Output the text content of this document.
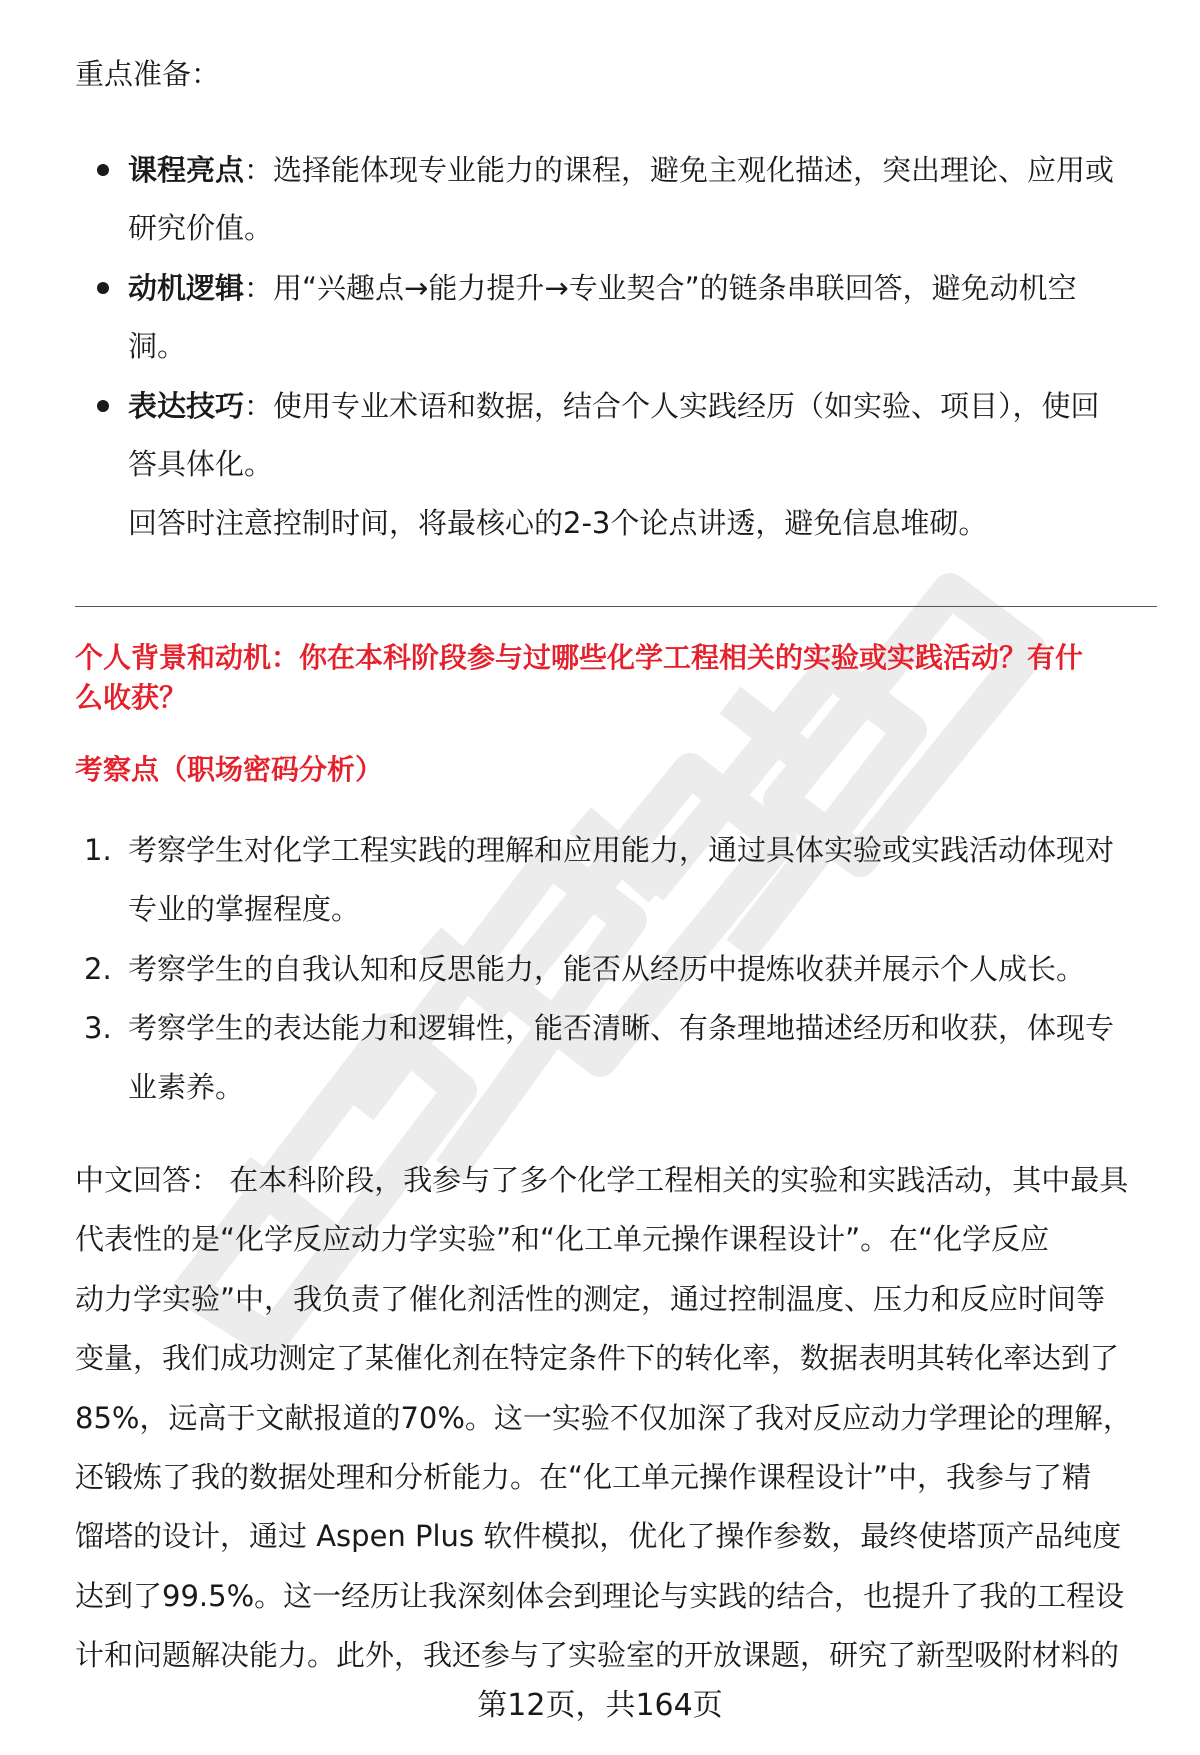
重点准备：
课程亮点：选择能体现专业能力的课程，避免主观化描述，突出理论、应用或
研究价值。
动机逻辑：用“兴趣点→能力提升→专业契合”的链条串联回答，避免动机空
洞。
表达技巧：使用专业术语和数据，结合个人实践经历（如实验、项目），使回
答具体化。
回答时注意控制时间，将最核心的2-3个论点讲透，避免信息堆砌。
个人背景和动机：你在本科阶段参与过哪些化学工程相关的实验或实践活动？有什
么收获？
考察点（职场密码分析）
1. 考察学生对化学工程实践的理解和应用能力，通过具体实验或实践活动体现对
专业的掌握程度。
2. 考察学生的自我认知和反思能力，能否从经历中提炼收获并展示个人成长。
3. 考察学生的表达能力和逻辑性，能否清晰、有条理地描述经历和收获，体现专
业素养。
中文回答： 在本科阶段，我参与了多个化学工程相关的实验和实践活动，其中最具
代表性的是“化学反应动力学实验”和“化工单元操作课程设计”。在“化学反应
动力学实验”中，我负责了催化剂活性的测定，通过控制温度、压力和反应时间等
变量，我们成功测定了某催化剂在特定条件下的转化率，数据表明其转化率达到了
85%，远高于文献报道的70%。这一实验不仅加深了我对反应动力学理论的理解，
还锻炼了我的数据处理和分析能力。在“化工单元操作课程设计”中，我参与了精
馏塔的设计，通过 Aspen Plus 软件模拟，优化了操作参数，最终使塔顶产品纯度
达到了99.5%。这一经历让我深刻体会到理论与实践的结合，也提升了我的工程设
计和问题解决能力。此外，我还参与了实验室的开放课题，研究了新型吸附材料的
第12页，共164页
